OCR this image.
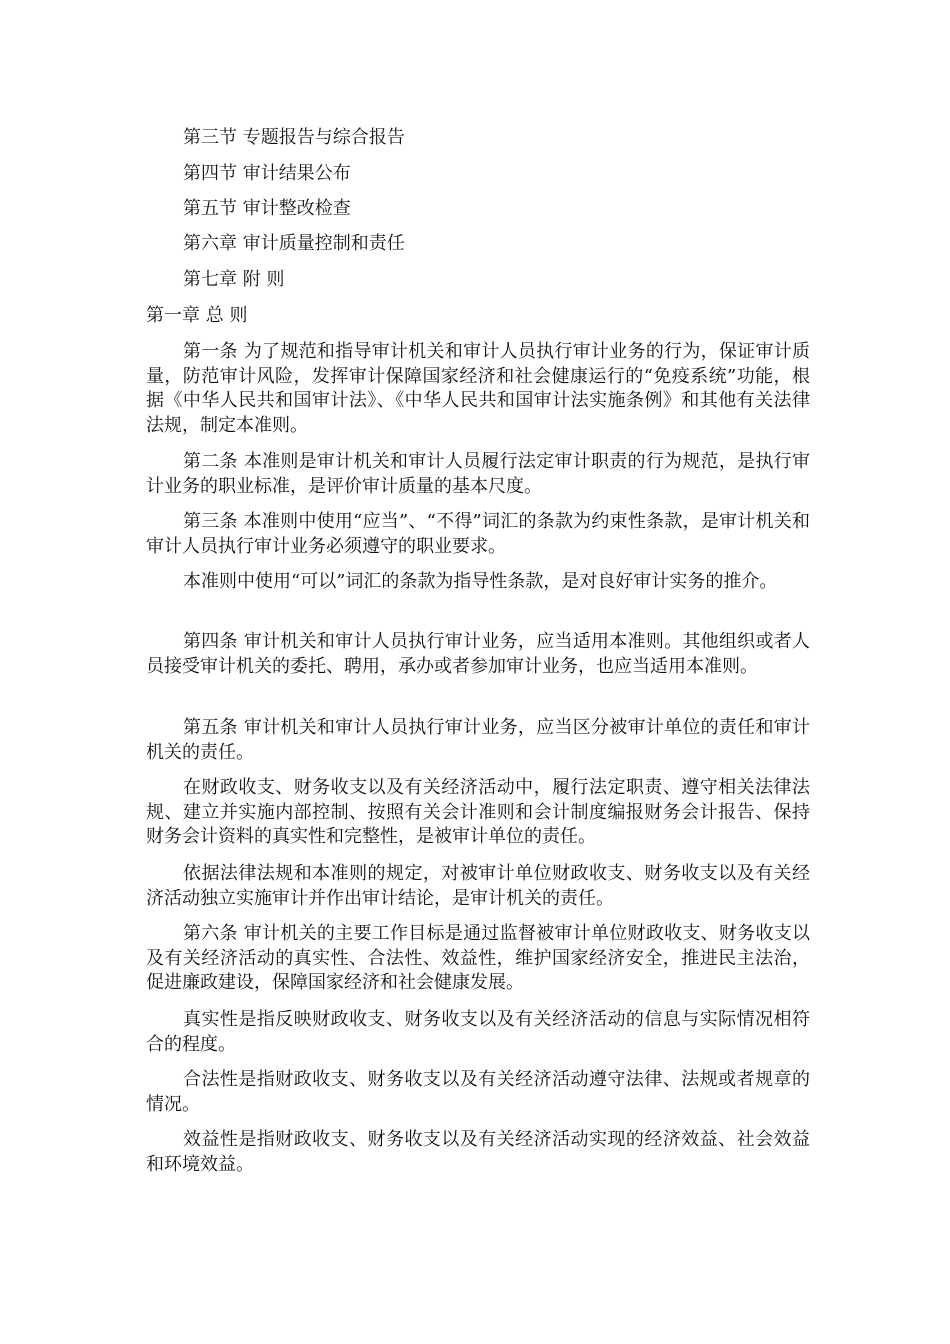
第三节 专题报告与综合报告
第四节 审计结果公布
第五节 审计整改检查
第六章 审计质量控制和责任
第七章 附 则
第一章 总 则
第一条 为了规范和指导审计机关和审计人员执行审计业务的行为，保证审计质量，防范审计风险，发挥审计保障国家经济和社会健康运行的“免疫系统”功能，根据《中华人民共和国审计法》、《中华人民共和国审计法实施条例》和其他有关法律法规，制定本准则。
第二条 本准则是审计机关和审计人员履行法定审计职责的行为规范，是执行审计业务的职业标准，是评价审计质量的基本尺度。
第三条 本准则中使用“应当”、“不得”词汇的条款为约束性条款，是审计机关和审计人员执行审计业务必须遵守的职业要求。
本准则中使用“可以”词汇的条款为指导性条款，是对良好审计实务的推介。
第四条 审计机关和审计人员执行审计业务，应当适用本准则。其他组织或者人员接受审计机关的委托、聘用，承办或者参加审计业务，也应当适用本准则。
第五条 审计机关和审计人员执行审计业务，应当区分被审计单位的责任和审计机关的责任。
在财政收支、财务收支以及有关经济活动中，履行法定职责、遵守相关法律法规、建立并实施内部控制、按照有关会计准则和会计制度编报财务会计报告、保持财务会计资料的真实性和完整性，是被审计单位的责任。
依据法律法规和本准则的规定，对被审计单位财政收支、财务收支以及有关经济活动独立实施审计并作出审计结论，是审计机关的责任。
第六条 审计机关的主要工作目标是通过监督被审计单位财政收支、财务收支以及有关经济活动的真实性、合法性、效益性，维护国家经济安全，推进民主法治，促进廉政建设，保障国家经济和社会健康发展。
真实性是指反映财政收支、财务收支以及有关经济活动的信息与实际情况相符合的程度。
合法性是指财政收支、财务收支以及有关经济活动遵守法律、法规或者规章的情况。
效益性是指财政收支、财务收支以及有关经济活动实现的经济效益、社会效益和环境效益。
